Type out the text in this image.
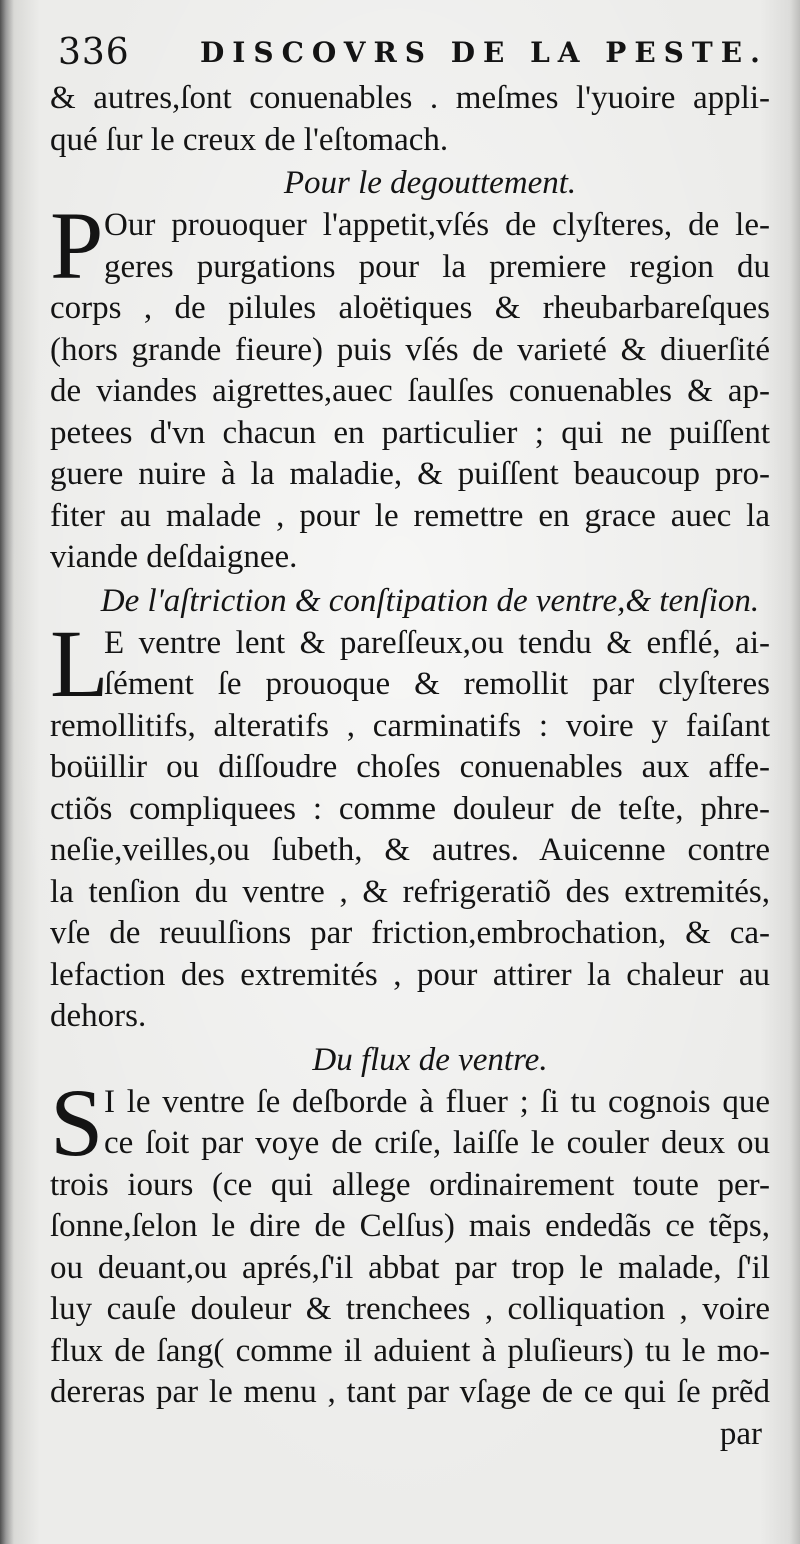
336	DISCOVRS DE LA PESTE.
& autres,ſont conuenables . meſmes l'yuoire appli-
qué ſur le creux de l'eſtomach.
Pour le degouttement.
P Our prouoquer l'appetit,vſés de clyſteres, de le-
geres purgations pour la premiere region du
corps , de pilules aloëtiques & rheubarbareſques
(hors grande fieure) puis vſés de varieté & diuerſité
de viandes aigrettes,auec ſaulſes conuenables & ap-
petees d'vn chacun en particulier ; qui ne puiſſent
guere nuire à la maladie, & puiſſent beaucoup pro-
fiter au malade , pour le remettre en grace auec la
viande deſdaignee.
De l'aſtriction & conſtipation de ventre,& tenſion.
L
E ventre lent & pareſſeux,ou tendu & enflé, ai-
ſément ſe prouoque & remollit par clyſteres
remollitifs, alteratifs , carminatifs : voire y faiſant
boüillir ou diſſoudre choſes conuenables aux affe-
ctiõs compliquees : comme douleur de teſte, phre-
neſie,veilles,ou ſubeth, & autres. Auicenne contre
la tenſion du ventre , & refrigeratiõ des extremités,
vſe de reuulſions par friction,embrochation, & ca-
lefaction des extremités , pour attirer la chaleur au
dehors.
Du flux de ventre.
S I le ventre ſe deſborde à fluer ; ſi tu cognois que
ce ſoit par voye de criſe, laiſſe le couler deux ou
trois iours (ce qui allege ordinairement toute per-
ſonne,ſelon le dire de Celſus) mais endedãs ce tẽps,
ou deuant,ou aprés,ſ'il abbat par trop le malade, ſ'il
luy cauſe douleur & trenchees , colliquation , voire
flux de ſang( comme il aduient à pluſieurs) tu le mo-
dereras par le menu , tant par vſage de ce qui ſe prẽd
par
